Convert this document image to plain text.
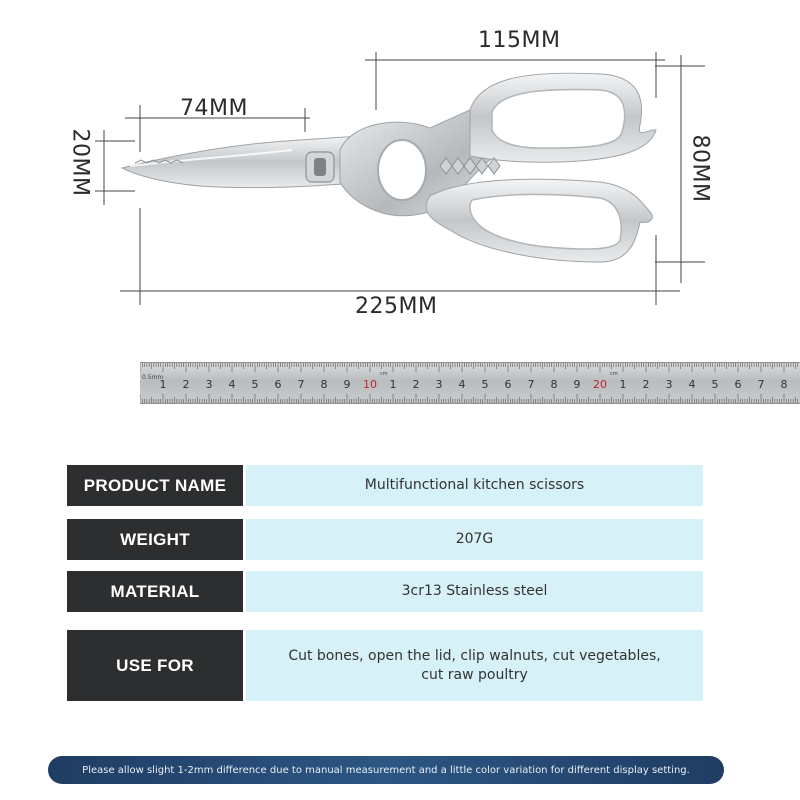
115MM
74MM
225MM
20MM	80MM
0.5mm
1 2 3 4 5 6 7 8 9 10
cm
1 2 3 4 5 6 7 8 9 20
cm
1 2 3 4 5 6 7 8
PRODUCT NAME	Multifunctional kitchen scissors
WEIGHT	207G
MATERIAL	3cr13 Stainless steel
USE FOR	Cut bones, open the lid, clip walnuts, cut vegetables, cut raw poultry
Please allow slight 1-2mm difference due to manual measurement and a little color variation for different display setting.
